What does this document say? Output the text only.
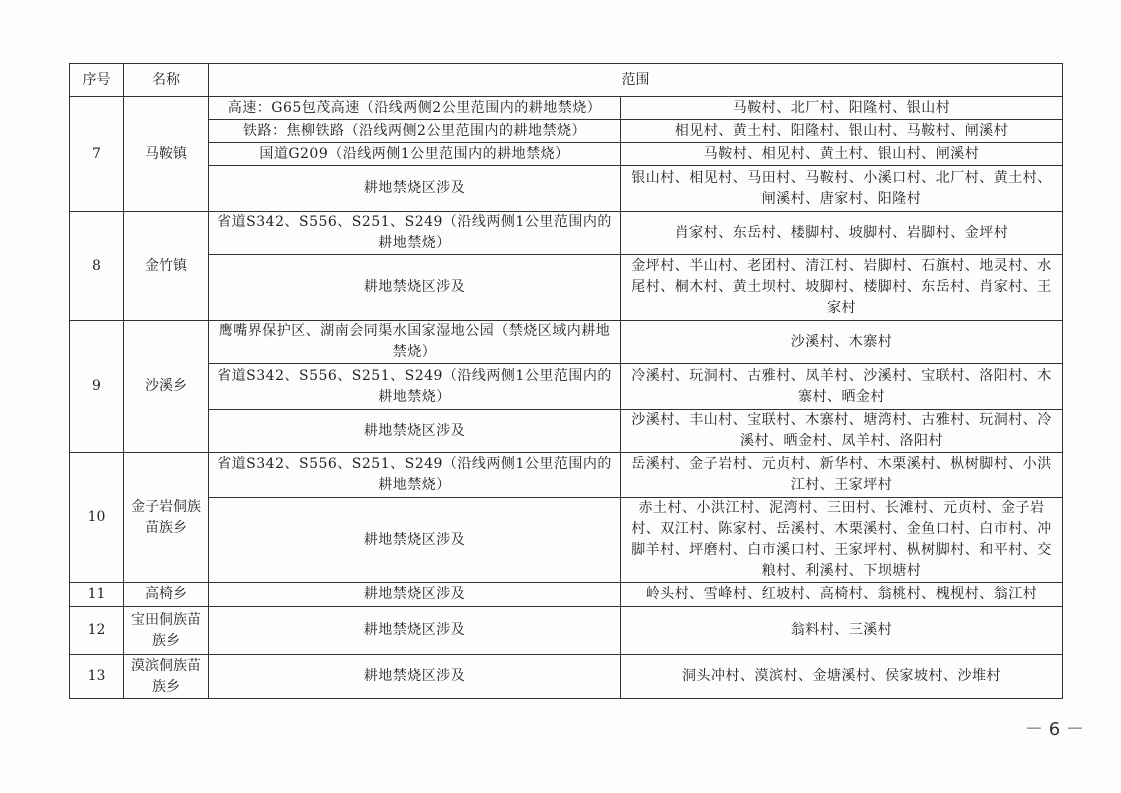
序号	名称	范围	
7	马鞍镇	高速：G65包茂高速（沿线两侧2公里范围内的耕地禁烧）	马鞍村、北厂村、阳隆村、银山村
		铁路：焦柳铁路（沿线两侧2公里范围内的耕地禁烧）	相见村、黄土村、阳隆村、银山村、马鞍村、闸溪村
		国道G209（沿线两侧1公里范围内的耕地禁烧）	马鞍村、相见村、黄土村、银山村、闸溪村
		耕地禁烧区涉及	银山村、相见村、马田村、马鞍村、小溪口村、北厂村、黄土村、闸溪村、唐家村、阳隆村
8	金竹镇	省道S342、S556、S251、S249（沿线两侧1公里范围内的耕地禁烧）	肖家村、东岳村、楼脚村、坡脚村、岩脚村、金坪村
		耕地禁烧区涉及	金坪村、半山村、老团村、清江村、岩脚村、石旗村、地灵村、水尾村、桐木村、黄土坝村、坡脚村、楼脚村、东岳村、肖家村、王家村
9	沙溪乡	鹰嘴界保护区、湖南会同渠水国家湿地公园（禁烧区域内耕地禁烧）	沙溪村、木寨村
		省道S342、S556、S251、S249（沿线两侧1公里范围内的耕地禁烧）	冷溪村、玩洞村、古雅村、凤羊村、沙溪村、宝联村、洛阳村、木寨村、晒金村
		耕地禁烧区涉及	沙溪村、丰山村、宝联村、木寨村、塘湾村、古雅村、玩洞村、冷溪村、晒金村、凤羊村、洛阳村
10	金子岩侗族苗族乡	省道S342、S556、S251、S249（沿线两侧1公里范围内的耕地禁烧）	岳溪村、金子岩村、元贞村、新华村、木栗溪村、枞树脚村、小洪江村、王家坪村
		耕地禁烧区涉及	赤土村、小洪江村、泥湾村、三田村、长滩村、元贞村、金子岩村、双江村、陈家村、岳溪村、木栗溪村、金鱼口村、白市村、冲脚羊村、坪磨村、白市溪口村、王家坪村、枞树脚村、和平村、交粮村、利溪村、下坝塘村
11	高椅乡	耕地禁烧区涉及	岭头村、雪峰村、红坡村、高椅村、翁桃村、槐枧村、翁江村
12	宝田侗族苗族乡	耕地禁烧区涉及	翁料村、三溪村
13	漠滨侗族苗族乡	耕地禁烧区涉及	洞头冲村、漠滨村、金塘溪村、侯家坡村、沙堆村
－ 6 －
